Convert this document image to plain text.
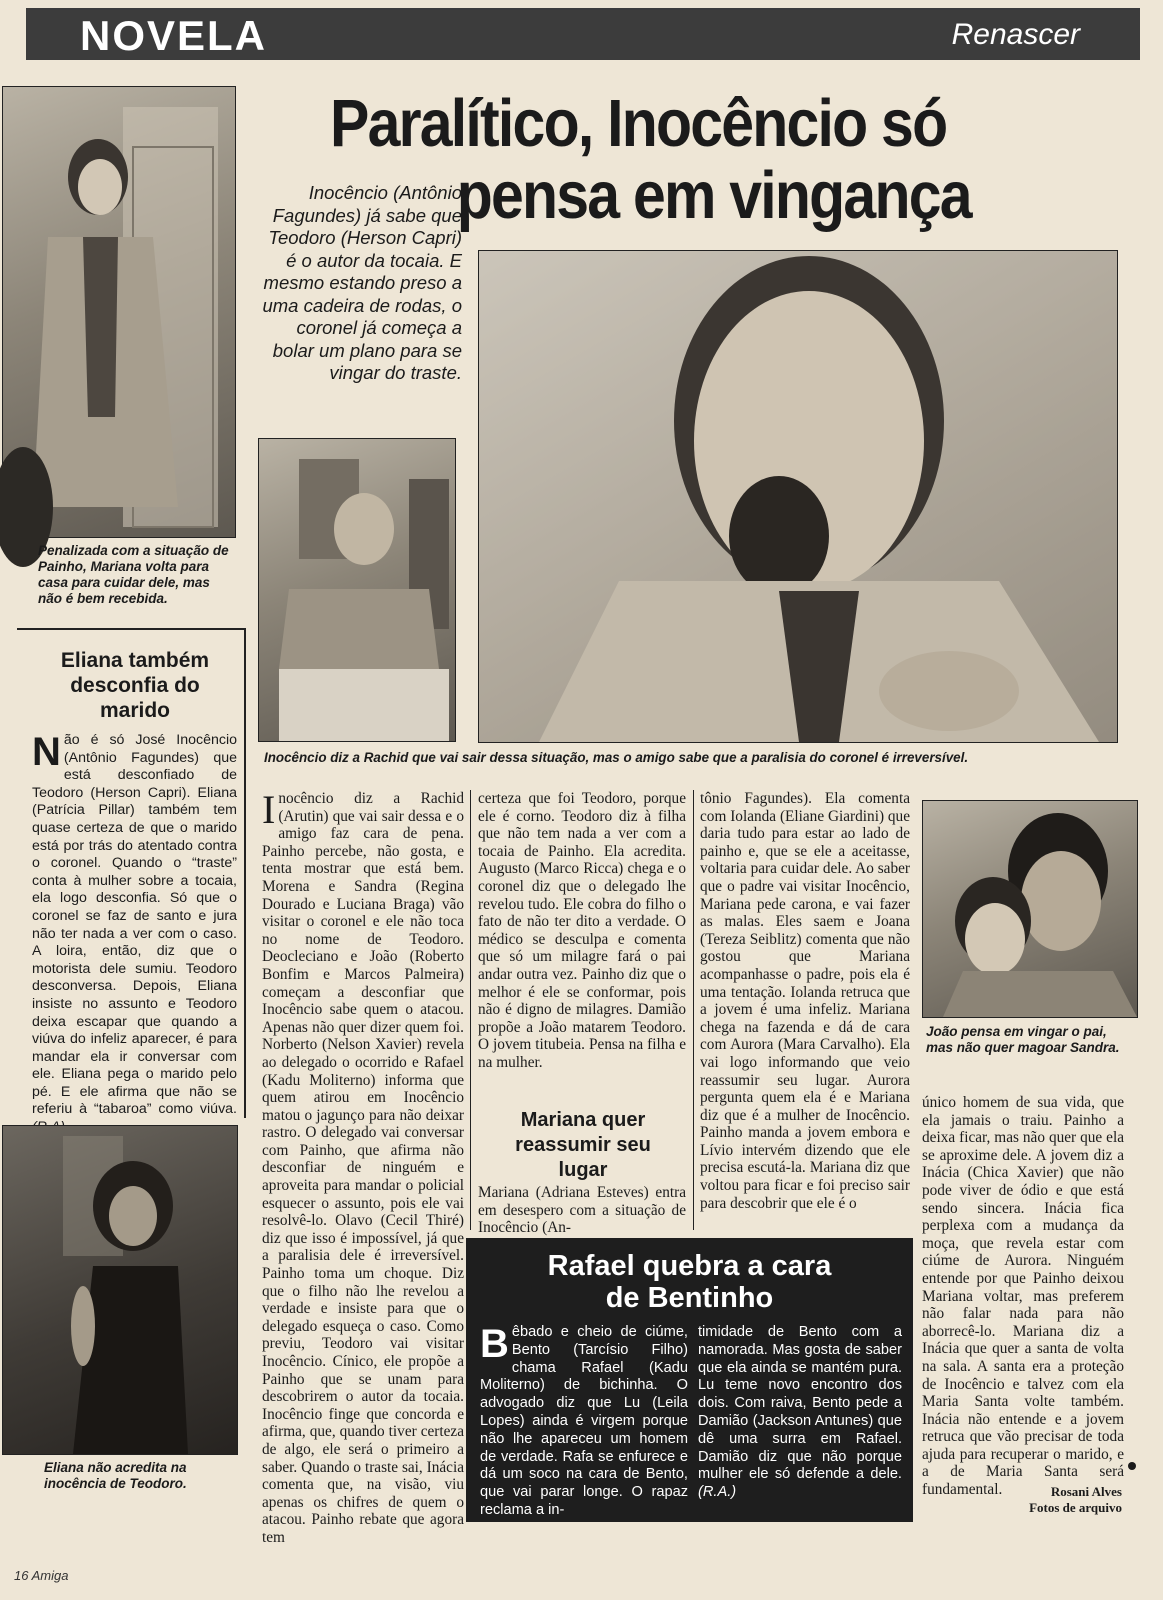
NOVELA	Renascer
Penalizada com a situação de Painho, Mariana volta para casa para cuidar dele, mas não é bem recebida.
Eliana também desconfia do marido
Não é só José Inocêncio (Antônio Fagundes) que está desconfiado de Teodoro (Herson Capri). Eliana (Patrícia Pillar) também tem quase certeza de que o marido está por trás do atentado contra o coronel. Quando o “traste” conta à mulher sobre a tocaia, ela logo desconfia. Só que o coronel se faz de santo e jura não ter nada a ver com o caso. A loira, então, diz que o motorista dele sumiu. Teodoro desconversa. Depois, Eliana insiste no assunto e Teodoro deixa escapar que quando a viúva do infeliz aparecer, é para mandar ela ir conversar com ele. Eliana pega o marido pelo pé. E ele afirma que não se referiu à “tabaroa” como viúva.
Eliana não acredita na inocência de Teodoro.
Paralítico, Inocêncio só
pensa em vingança
Inocêncio (Antônio Fagundes) já sabe que Teodoro (Herson Capri) é o autor da tocaia. E mesmo estando preso a uma cadeira de rodas, o coronel já começa a bolar um plano para se vingar do traste.
Inocêncio diz a Rachid que vai sair dessa situação, mas o amigo sabe que a paralisia do coronel é irreversível.
Inocêncio diz a Rachid (Arutin) que vai sair dessa e o amigo faz cara de pena. Painho percebe, não gosta, e tenta mostrar que está bem. Morena e Sandra (Regina Dourado e Luciana Braga) vão visitar o coronel e ele não toca no nome de Teodoro. Deocleciano e João (Roberto Bonfim e Marcos Palmeira) começam a desconfiar que Inocêncio sabe quem o atacou. Apenas não quer dizer quem foi. Norberto (Nelson Xavier) revela ao delegado o ocorrido e Rafael (Kadu Moliterno) informa que quem atirou em Inocêncio matou o jagunço para não deixar rastro. O delegado vai conversar com Painho, que afirma não desconfiar de ninguém e aproveita para mandar o policial esquecer o assunto, pois ele vai resolvê-lo. Olavo (Cecil Thiré) diz que isso é impossível, já que a paralisia dele é irreversível. Painho toma um choque. Diz que o filho não lhe revelou a verdade e insiste para que o delegado esqueça o caso. Como previu, Teodoro vai visitar Inocêncio. Cínico, ele propõe a Painho que se unam para descobrirem o autor da tocaia. Inocêncio finge que concorda e afirma, que, quando tiver certeza de algo, ele será o primeiro a saber. Quando o traste sai, Inácia comenta que, na visão, viu apenas os chifres de quem o atacou. Painho rebate que agora tem
certeza que foi Teodoro, porque ele é corno. Teodoro diz à filha que não tem nada a ver com a tocaia de Painho. Ela acredita. Augusto (Marco Ricca) chega e o coronel diz que o delegado lhe revelou tudo. Ele cobra do filho o fato de não ter dito a verdade. O médico se desculpa e comenta que só um milagre fará o pai andar outra vez. Painho diz que o melhor é ele se conformar, pois não é digno de milagres. Damião propõe a João matarem Teodoro. O jovem titubeia. Pensa na filha e na mulher.
Mariana quer reassumir seu lugar
Mariana (Adriana Esteves) entra em desespero com a situação de Inocêncio (An-
tônio Fagundes). Ela comenta com Iolanda (Eliane Giardini) que daria tudo para estar ao lado de painho e, que se ele a aceitasse, voltaria para cuidar dele. Ao saber que o padre vai visitar Inocêncio, Mariana pede carona, e vai fazer as malas. Eles saem e Joana (Tereza Seiblitz) comenta que não gostou que Mariana acompanhasse o padre, pois ela é uma tentação. Iolanda retruca que a jovem é uma infeliz. Mariana chega na fazenda e dá de cara com Aurora (Mara Carvalho). Ela vai logo informando que veio reassumir seu lugar. Aurora pergunta quem ela é e Mariana diz que é a mulher de Inocêncio. Painho manda a jovem embora e Lívio intervém dizendo que ele precisa escutá-la. Mariana diz que voltou para ficar e foi preciso sair para descobrir que ele é o
João pensa em vingar o pai, mas não quer magoar Sandra.
único homem de sua vida, que ela jamais o traiu. Painho a deixa ficar, mas não quer que ela se aproxime dele. A jovem diz a Inácia (Chica Xavier) que não pode viver de ódio e que está sendo sincera. Inácia fica perplexa com a mudança da moça, que revela estar com ciúme de Aurora. Ninguém entende por que Painho deixou Mariana voltar, mas preferem não falar nada para não aborrecê-lo. Mariana diz a Inácia que quer a santa de volta na sala. A santa era a proteção de Inocêncio e talvez com ela Maria Santa volte também. Inácia não entende e a jovem retruca que vão precisar de toda ajuda para recuperar o marido, e a de Maria Santa será fundamental.
Rafael quebra a cara
de Bentinho
Bêbado e cheio de ciúme, Bento (Tarcísio Filho) chama Rafael (Kadu Moliterno) de bichinha. O advogado diz que Lu (Leila Lopes) ainda é virgem porque não lhe apareceu um homem de verdade. Rafa se enfurece e dá um soco na cara de Bento, que vai parar longe. O rapaz reclama a in-
timidade de Bento com a namorada. Mas gosta de saber que ela ainda se mantém pura. Lu teme novo encontro dos dois. Com raiva, Bento pede a Damião (Jackson Antunes) que dê uma surra em Rafael. Damião diz que não porque mulher ele só defende a dele. (R.A.)	Rosani Alves
Fotos de arquivo
16 Amiga
